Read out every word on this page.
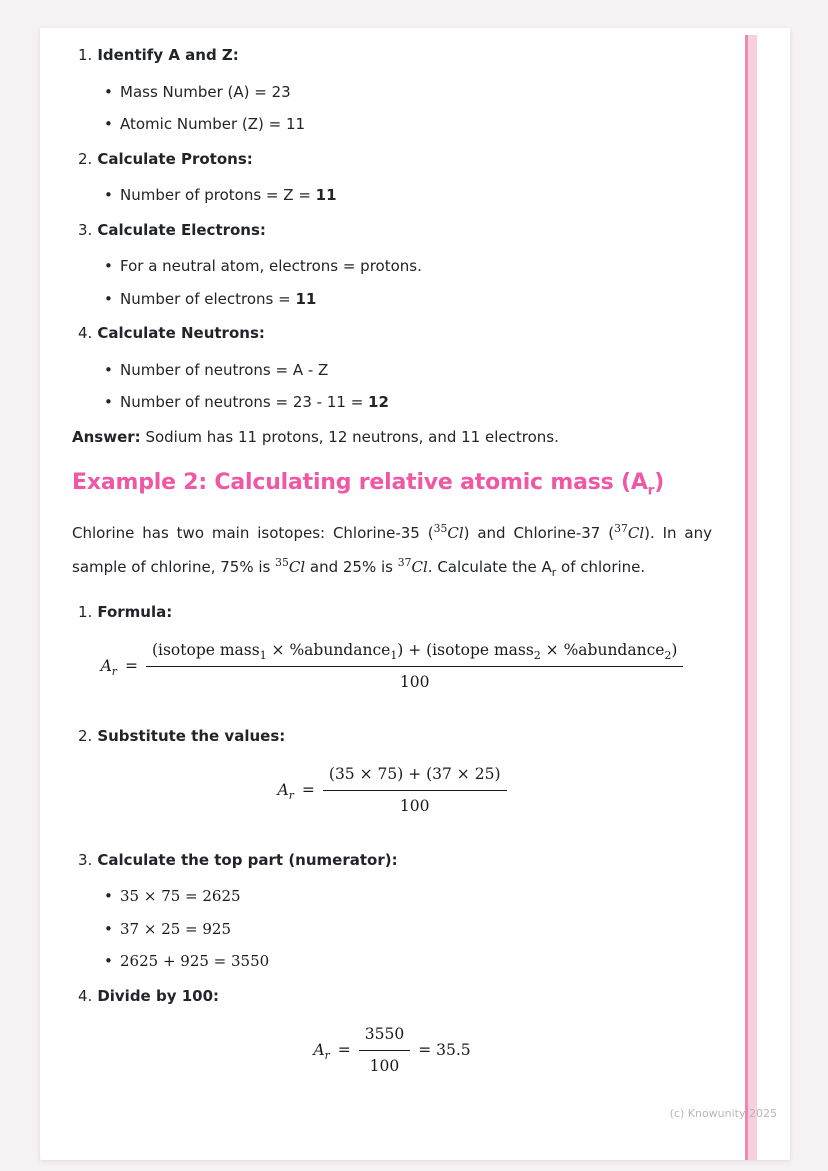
(c) Knowunity 2025
1. Identify A and Z:
• Mass Number (A) = 23
• Atomic Number (Z) = 11
2. Calculate Protons:
• Number of protons = Z = 11
3. Calculate Electrons:
• For a neutral atom, electrons = protons.
• Number of electrons = 11
4. Calculate Neutrons:
• Number of neutrons = A - Z
• Number of neutrons = 23 - 11 = 12

Answer: Sodium has 11 protons, 12 neutrons, and 11 electrons.

Example 2: Calculating relative atomic mass $(A_r)$

Chlorine has two main isotopes: Chlorine-35 ($^{35}$Cl) and Chlorine-37 ($^{37}$Cl). In any sample of chlorine, 75% is $^{35}$Cl and 25% is $^{37}$Cl. Calculate the $A_r$ of chlorine.

1. Formula:
$A_r$ =
(isotope mass$_1$ × %abundance$_1$) + (isotope mass$_2$ × %abundance$_2$)
100
2. Substitute the values:
$A_r = \frac{(35 \times 75) + (37 \times 25)}{100}$
3. Calculate the top part (numerator):
• 35 × 75 = 2625
• 37 × 25 = 925
• 2625 + 925 = 3550
4. Divide by 100:
$A_r = \frac{3550}{100} = 35.5$
